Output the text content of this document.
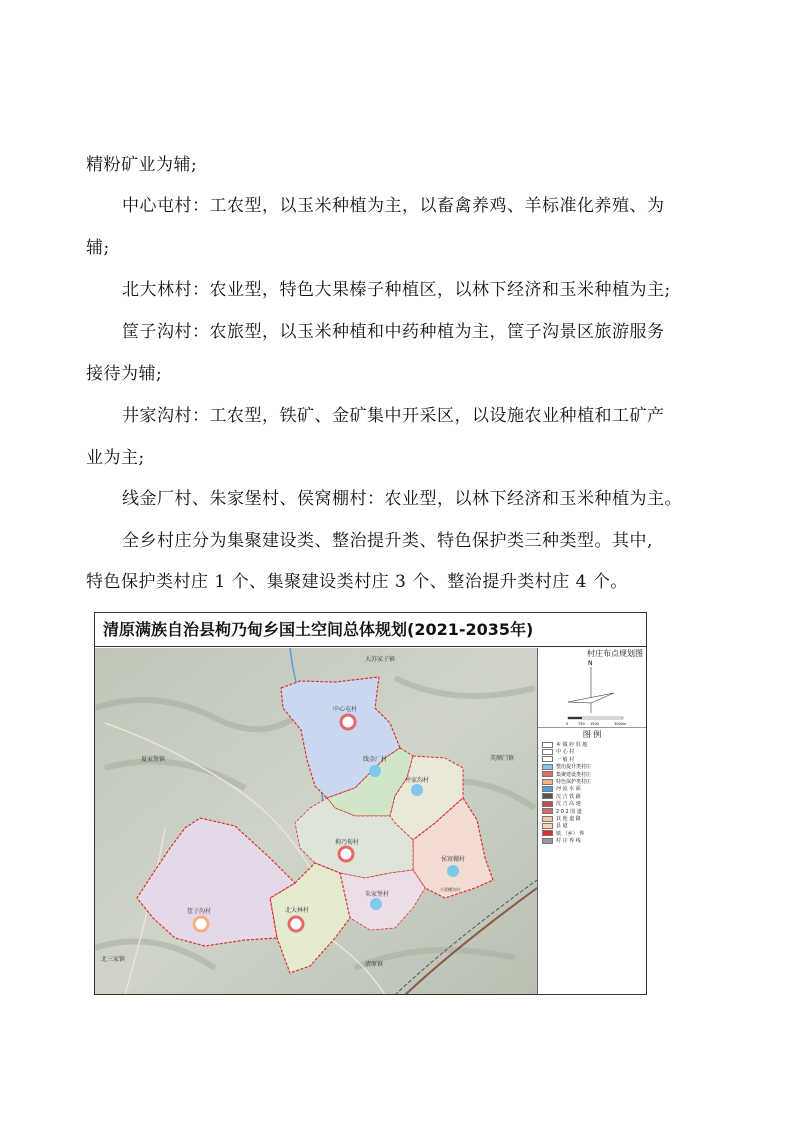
精粉矿业为辅;

中心屯村：工农型，以玉米种植为主，以畜禽养鸡、羊标准化养殖、为

辅;

北大林村：农业型，特色大果榛子种植区，以林下经济和玉米种植为主;

筐子沟村：农旅型，以玉米种植和中药种植为主，筐子沟景区旅游服务

接待为辅;

井家沟村：工农型，铁矿、金矿集中开采区，以设施农业种植和工矿产

业为主;

线金厂村、朱家堡村、侯窝棚村：农业型，以林下经济和玉米种植为主。

全乡村庄分为集聚建设类、整治提升类、特色保护类三种类型。其中,

特色保护类村庄 1 个、集聚建设类村庄 3 个、整治提升类村庄 4 个。

清原满族自治县枸乃甸乡国土空间总体规划(2021-2035年)
大苏家子镇
夏家堡镇	英额门镇
北三家镇
清原镇
小窝棚沟村
中心屯村
线金厂村
井家沟村
枸乃甸村
侯窝棚村
朱家堡村
北大林村
筐子沟村
村庄布点规划图
N
0	750 1500	3000m
图 例
乡 镇 府 驻 地
中 心 村
一 般 村
整治提升类村庄
集聚建设类村庄
特色保护类村庄
河 流 水 面
沈 吉 铁 路
沈 吉 高 速
2 0 2 国 道
其 他 道 路
县 道
镇 （乡） 界
村 庄 界 线
